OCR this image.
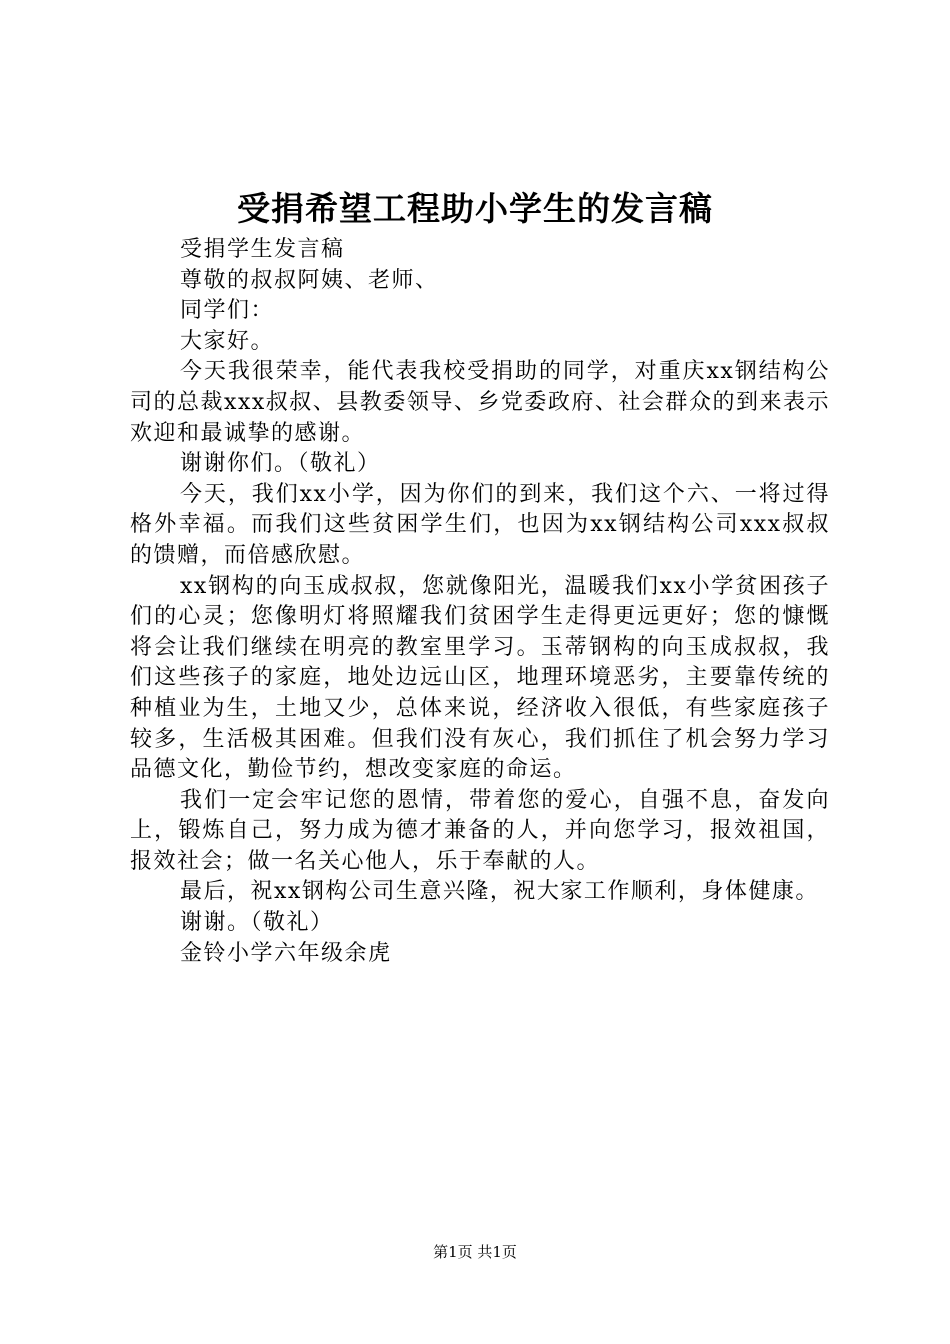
受捐希望工程助小学生的发言稿

受捐学生发言稿

尊敬的叔叔阿姨、老师、

同学们：

大家好。

今天我很荣幸，能代表我校受捐助的同学，对重庆xx钢结构公司的总裁xxx叔叔、县教委领导、乡党委政府、社会群众的到来表示欢迎和最诚挚的感谢。

谢谢你们。（敬礼）

今天，我们xx小学，因为你们的到来，我们这个六、一将过得格外幸福。而我们这些贫困学生们，也因为xx钢结构公司xxx叔叔的馈赠，而倍感欣慰。

xx钢构的向玉成叔叔，您就像阳光，温暖我们xx小学贫困孩子们的心灵；您像明灯将照耀我们贫困学生走得更远更好；您的慷慨将会让我们继续在明亮的教室里学习。玉蒂钢构的向玉成叔叔，我们这些孩子的家庭，地处边远山区，地理环境恶劣，主要靠传统的种植业为生，土地又少，总体来说，经济收入很低，有些家庭孩子较多，生活极其困难。但我们没有灰心，我们抓住了机会努力学习品德文化，勤俭节约，想改变家庭的命运。

我们一定会牢记您的恩情，带着您的爱心，自强不息，奋发向上，锻炼自己，努力成为德才兼备的人，并向您学习，报效祖国，报效社会；做一名关心他人，乐于奉献的人。

最后，祝xx钢构公司生意兴隆，祝大家工作顺利，身体健康。

谢谢。（敬礼）

金铃小学六年级余虎

第1页 共1页
